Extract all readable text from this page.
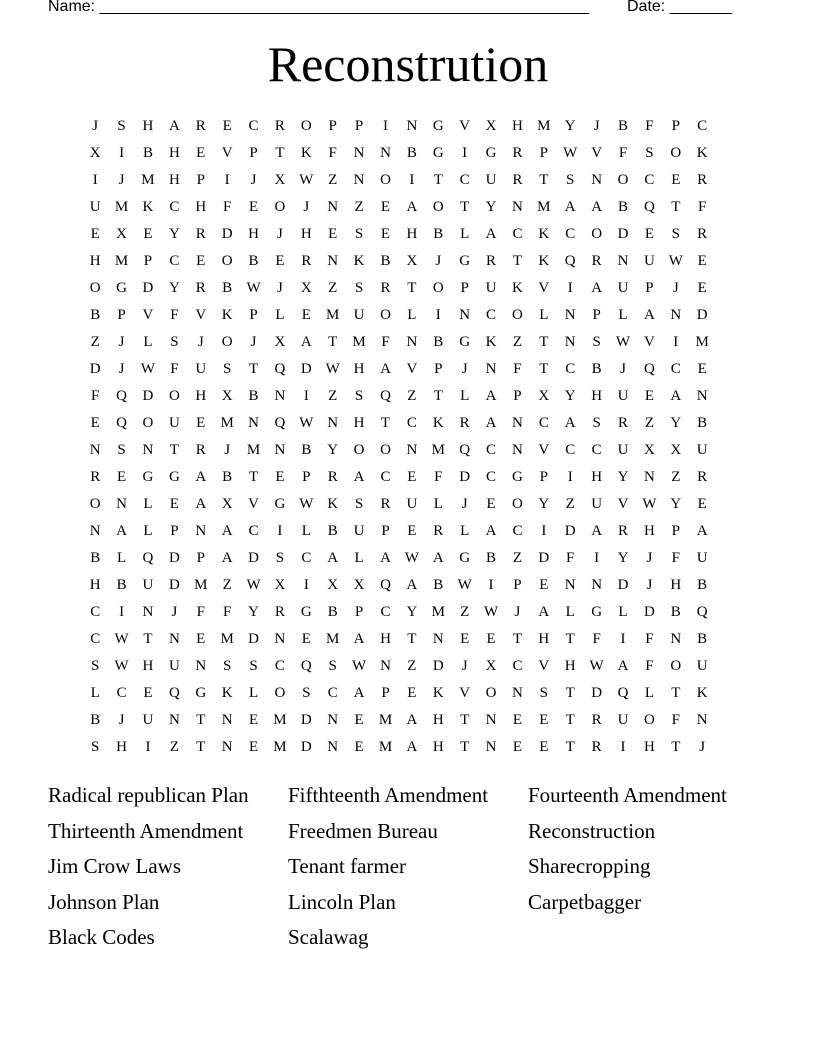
Name: _______________________________________________________ Date: _______
Reconstrution
J	S	H	A	R	E	C	R	O	P	P	I	N	G	V	X	H M Y	J	B	F	P	C
X	I	B	H	E	V	P	T	K	F	N	N	B	G	I	G	R	P	W V	F	S	O	K
I	J	M H	P	I	J	X W Z	N	O	I	T	C	U	R	T	S	N	O	C	E	R
U M K	C	H	F	E	O	J	N	Z	E	A	O	T	Y	N M A	A	B	Q	T	F
E	X	E	Y	R	D	H	J	H	E	S	E	H	B	L	A	C	K	C	O	D	E	S	R
H M	P	C	E	O	B	E	R	N	K	B	X	J	G	R	T	K	Q	R	N	U W E
O	G	D	Y	R	B W	J	X	Z	S	R	T	O	P	U	K	V	I	A	U	P	J	E
B	P	V	F	V	K	P	L	E	M U	O	L	I	N	C	O	L	N	P	L	A	N	D
Z	J	L	S	J	O	J	X	A	T	M	F	N	B	G	K	Z	T	N	S	W V	I	M
D	J	W	F	U	S	T	Q	D W H	A	V	P	J	N	F	T	C	B	J	Q	C	E
F	Q	D	O	H	X	B	N	I	Z	S	Q	Z	T	L	A	P	X	Y	H	U	E	A	N
E	Q	O	U	E	M N	Q W N	H	T	C	K	R	A	N	C	A	S	R	Z	Y	B
N	S	N	T	R	J	M N	B	Y	O	O	N M Q	C	N	V	C	C	U	X	X	U
R	E	G	G	A	B	T	E	P	R	A	C	E	F	D	C	G	P	I	H	Y	N	Z	R
O	N	L	E	A	X	V	G W K	S	R	U	L	J	E	O	Y	Z	U	V W Y	E
N	A	L	P	N	A	C	I	L	B	U	P	E	R	L	A	C	I	D	A	R	H	P	A
B	L	Q	D	P	A	D	S	C	A	L	A W A	G	B	Z	D	F	I	Y	J	F	U
H	B	U	D M	Z W X	I	X	X	Q	A	B W	I	P	E	N	N	D	J	H	B
C	I	N	J	F	F	Y	R	G	B	P	C	Y M	Z W	J	A	L	G	L	D	B	Q
C W T	N	E	M D	N	E	M A	H	T	N	E	E	T	H	T	F	I	F	N	B
S	W H	U	N	S	S	C	Q	S	W N	Z	D	J	X	C	V	H W A	F	O	U
L	C	E	Q	G	K	L	O	S	C	A	P	E	K	V	O	N	S	T	D	Q	L	T	K
B	J	U	N	T	N	E	M D	N	E	M A	H	T	N	E	E	T	R	U	O	F	N
S	H	I	Z	T	N	E	M D	N	E	M A	H	T	N	E	E	T	R	I	H	T	J
Radical republican Plan	Fifthteenth Amendment	Fourteenth Amendment
Thirteenth Amendment	Freedmen Bureau	Reconstruction
Jim Crow Laws	Tenant farmer	Sharecropping
Johnson Plan	Lincoln Plan	Carpetbagger
Black Codes	Scalawag
